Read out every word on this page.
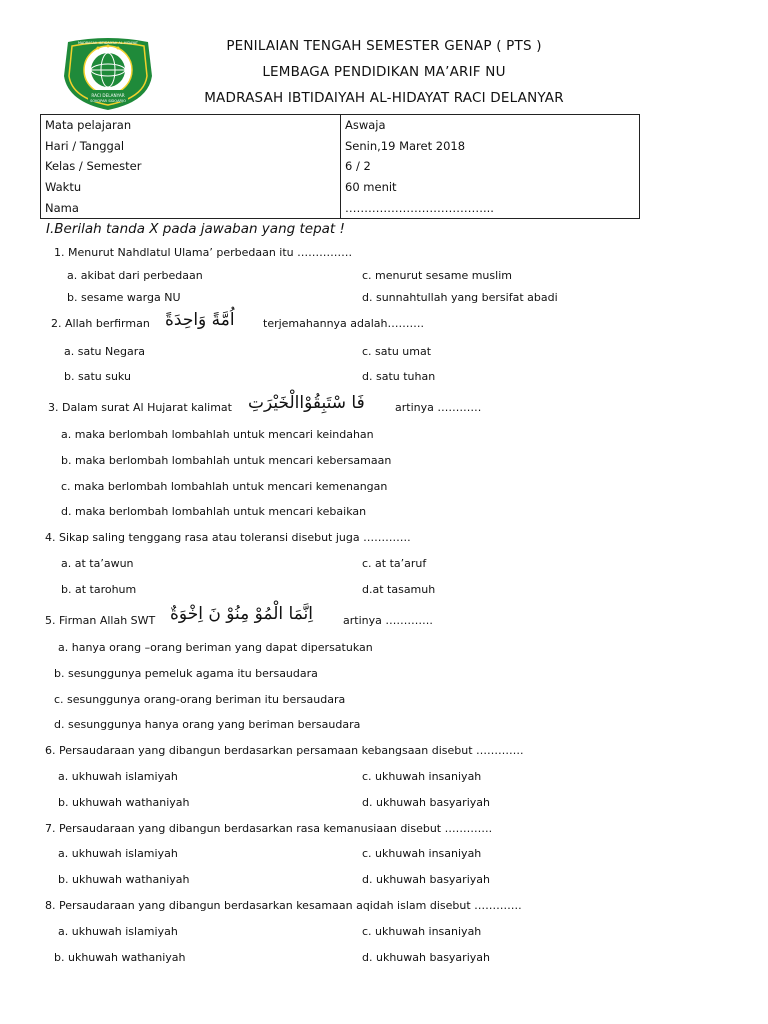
PENILAIAN TENGAH SEMESTER GENAP ( PTS )
LEMBAGA PENDIDIKAN MA’ARIF NU
MADRASAH IBTIDAIYAH AL-HIDAYAT RACI DELANYAR
RACI DELANYAR
SOKOPAR SIDOARJO
MADRASAH IBTIDAIYAH AL-HIDAYAT
Mata pelajaran	Aswaja
Hari / Tanggal	Senin,19 Maret 2018
Kelas / Semester	6 / 2
Waktu	60 menit
Nama	………………………………...
I.Berilah tanda X pada jawaban yang tepat !
1. Menurut Nahdlatul Ulama’ perbedaan itu ……………
a. akibat dari perbedaan	c. menurut sesame muslim
b. sesame warga NU	d. sunnahtullah yang bersifat abadi
2. Allah berfirman اُمَّةً وَاحِدَةً	terjemahannya adalah……….
a. satu Negara	c. satu umat
b. satu suku	d. satu tuhan
3. Dalam surat Al Hujarat kalimat فَا سْتَبِقُوْاالْخَيْرَتِ	artinya …………
a. maka berlombah lombahlah untuk mencari keindahan
b. maka berlombah lombahlah untuk mencari kebersamaan
c. maka berlombah lombahlah untuk mencari kemenangan
d. maka berlombah lombahlah untuk mencari kebaikan
4. Sikap saling tenggang rasa atau toleransi disebut juga ………….
a. at ta’awun	c. at ta’aruf
b. at tarohum	d.at tasamuh
5. Firman Allah SWT اِنَّمَا الْمُوْ مِنُوْ نَ اِخْوَةٌ	artinya ………….
a. hanya orang –orang beriman yang dapat dipersatukan
b. sesunggunya pemeluk agama itu bersaudara
c. sesunggunya orang-orang beriman itu bersaudara
d. sesunggunya hanya orang yang beriman bersaudara
6. Persaudaraan yang dibangun berdasarkan persamaan kebangsaan disebut ………….
a. ukhuwah islamiyah	c. ukhuwah insaniyah
b. ukhuwah wathaniyah	d. ukhuwah basyariyah
7. Persaudaraan yang dibangun berdasarkan rasa kemanusiaan disebut ………….
a. ukhuwah islamiyah	c. ukhuwah insaniyah
b. ukhuwah wathaniyah	d. ukhuwah basyariyah
8. Persaudaraan yang dibangun berdasarkan kesamaan aqidah islam disebut ………….
a. ukhuwah islamiyah	c. ukhuwah insaniyah
b. ukhuwah wathaniyah	d. ukhuwah basyariyah
